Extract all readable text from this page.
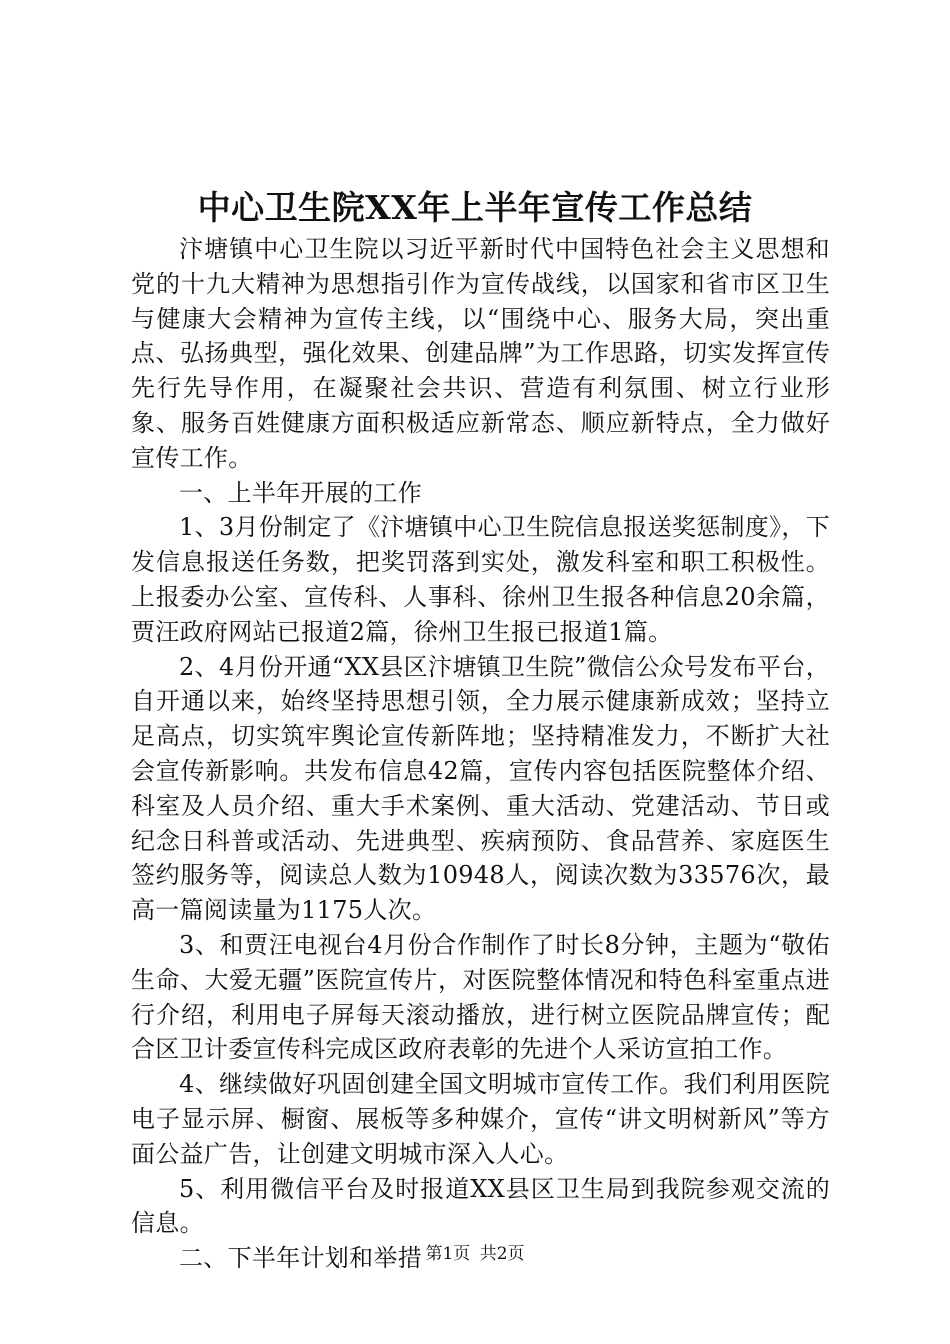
中心卫生院XX年上半年宣传工作总结

汴塘镇中心卫生院以习近平新时代中国特色社会主义思想和党的十九大精神为思想指引作为宣传战线，以国家和省市区卫生与健康大会精神为宣传主线，以“围绕中心、服务大局，突出重点、弘扬典型，强化效果、创建品牌”为工作思路，切实发挥宣传先行先导作用，在凝聚社会共识、营造有利氛围、树立行业形象、服务百姓健康方面积极适应新常态、顺应新特点，全力做好宣传工作。

一、上半年开展的工作

1、3月份制定了《汴塘镇中心卫生院信息报送奖惩制度》，下发信息报送任务数，把奖罚落到实处，激发科室和职工积极性。上报委办公室、宣传科、人事科、徐州卫生报各种信息20余篇，贾汪政府网站已报道2篇，徐州卫生报已报道1篇。

2、4月份开通“XX县区汴塘镇卫生院”微信公众号发布平台，自开通以来，始终坚持思想引领，全力展示健康新成效；坚持立足高点，切实筑牢舆论宣传新阵地；坚持精准发力，不断扩大社会宣传新影响。共发布信息42篇，宣传内容包括医院整体介绍、科室及人员介绍、重大手术案例、重大活动、党建活动、节日或纪念日科普或活动、先进典型、疾病预防、食品营养、家庭医生签约服务等，阅读总人数为10948人，阅读次数为33576次，最高一篇阅读量为1175人次。

3、和贾汪电视台4月份合作制作了时长8分钟，主题为“敬佑生命、大爱无疆”医院宣传片，对医院整体情况和特色科室重点进行介绍，利用电子屏每天滚动播放，进行树立医院品牌宣传；配合区卫计委宣传科完成区政府表彰的先进个人采访宣拍工作。

4、继续做好巩固创建全国文明城市宣传工作。我们利用医院电子显示屏、橱窗、展板等多种媒介，宣传“讲文明树新风”等方面公益广告，让创建文明城市深入人心。

5、利用微信平台及时报道XX县区卫生局到我院参观交流的信息。

二、下半年计划和举措 第1页 共2页
